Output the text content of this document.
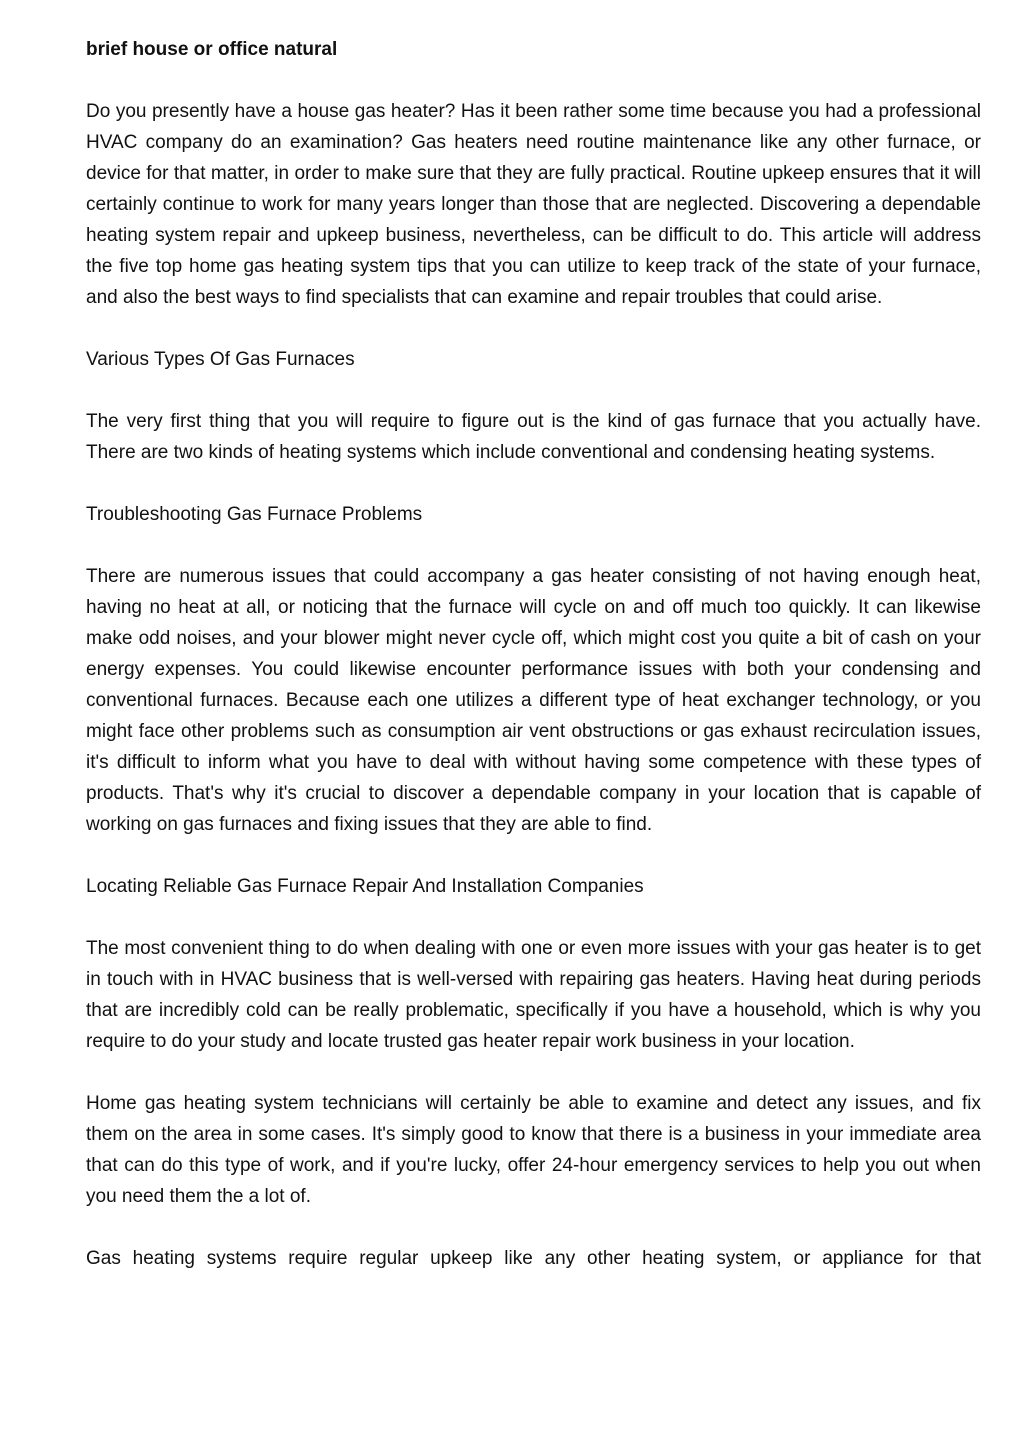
brief house or office natural

Do you presently have a house gas heater? Has it been rather some time because you had a professional HVAC company do an examination? Gas heaters need routine maintenance like any other furnace, or device for that matter, in order to make sure that they are fully practical. Routine upkeep ensures that it will certainly continue to work for many years longer than those that are neglected. Discovering a dependable heating system repair and upkeep business, nevertheless, can be difficult to do. This article will address the five top home gas heating system tips that you can utilize to keep track of the state of your furnace, and also the best ways to find specialists that can examine and repair troubles that could arise.

Various Types Of Gas Furnaces

The very first thing that you will require to figure out is the kind of gas furnace that you actually have. There are two kinds of heating systems which include conventional and condensing heating systems.

Troubleshooting Gas Furnace Problems

There are numerous issues that could accompany a gas heater consisting of not having enough heat, having no heat at all, or noticing that the furnace will cycle on and off much too quickly. It can likewise make odd noises, and your blower might never cycle off, which might cost you quite a bit of cash on your energy expenses. You could likewise encounter performance issues with both your condensing and conventional furnaces. Because each one utilizes a different type of heat exchanger technology, or you might face other problems such as consumption air vent obstructions or gas exhaust recirculation issues, it's difficult to inform what you have to deal with without having some competence with these types of products. That's why it's crucial to discover a dependable company in your location that is capable of working on gas furnaces and fixing issues that they are able to find.

Locating Reliable Gas Furnace Repair And Installation Companies

The most convenient thing to do when dealing with one or even more issues with your gas heater is to get in touch with in HVAC business that is well-versed with repairing gas heaters. Having heat during periods that are incredibly cold can be really problematic, specifically if you have a household, which is why you require to do your study and locate trusted gas heater repair work business in your location.

Home gas heating system technicians will certainly be able to examine and detect any issues, and fix them on the area in some cases. It's simply good to know that there is a business in your immediate area that can do this type of work, and if you're lucky, offer 24-hour emergency services to help you out when you need them the a lot of.

Gas heating systems require regular upkeep like any other heating system, or appliance for that
